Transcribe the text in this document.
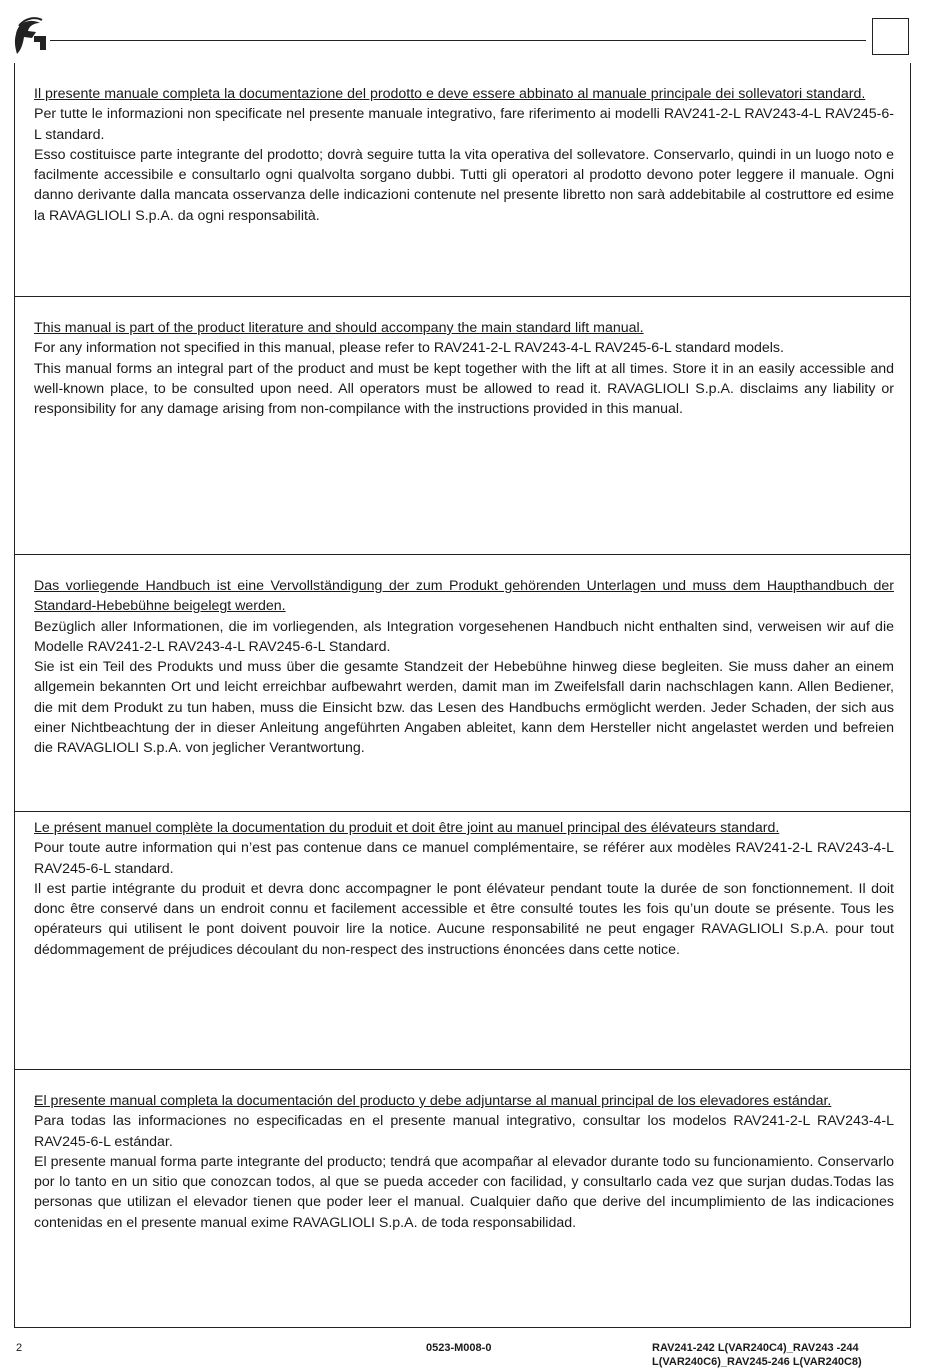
Il presente manuale completa la documentazione del prodotto e deve essere abbinato al manuale principale dei sollevatori standard.

Per tutte le informazioni non specificate nel presente manuale integrativo, fare riferimento ai modelli RAV241-2-L RAV243-4-L RAV245-6-L standard.

Esso costituisce parte integrante del prodotto; dovrà seguire tutta la vita operativa del sollevatore. Conservarlo, quindi in un luogo noto e facilmente accessibile e consultarlo ogni qualvolta sorgano dubbi. Tutti gli operatori al prodotto devono poter leggere il manuale. Ogni danno derivante dalla mancata osservanza delle indicazioni contenute nel presente libretto non sarà addebitabile al costruttore ed esime la RAVAGLIOLI S.p.A. da ogni responsabilità.

This manual is part of the product literature and should accompany the main standard lift manual.

For any information not specified in this manual, please refer to RAV241-2-L RAV243-4-L RAV245-6-L standard models.

This manual forms an integral part of the product and must be kept together with the lift at all times. Store it in an easily accessible and well-known place, to be consulted upon need. All operators must be allowed to read it. RAVAGLIOLI S.p.A. disclaims any liability or responsibility for any damage arising from non-compilance with the instructions provided in this manual.

Das vorliegende Handbuch ist eine Vervollständigung der zum Produkt gehörenden Unterlagen und muss dem Haupthandbuch der Standard-Hebebühne beigelegt werden.

Bezüglich aller Informationen, die im vorliegenden, als Integration vorgesehenen Handbuch nicht enthalten sind, verweisen wir auf die Modelle RAV241-2-L RAV243-4-L RAV245-6-L Standard.

Sie ist ein Teil des Produkts und muss über die gesamte Standzeit der Hebebühne hinweg diese begleiten. Sie muss daher an einem allgemein bekannten Ort und leicht erreichbar aufbewahrt werden, damit man im Zweifelsfall darin nachschlagen kann. Allen Bediener, die mit dem Produkt zu tun haben, muss die Einsicht bzw. das Lesen des Handbuchs ermöglicht werden. Jeder Schaden, der sich aus einer Nichtbeachtung der in dieser Anleitung angeführten Angaben ableitet, kann dem Hersteller nicht angelastet werden und befreien die RAVAGLIOLI S.p.A. von jeglicher Verantwortung.

Le présent manuel complète la documentation du produit et doit être joint au manuel principal des élévateurs standard.

Pour toute autre information qui n’est pas contenue dans ce manuel complémentaire, se référer aux modèles RAV241-2-L RAV243-4-L RAV245-6-L standard.

Il est partie intégrante du produit et devra donc accompagner le pont élévateur pendant toute la durée de son fonctionnement. Il doit donc être conservé dans un endroit connu et facilement accessible et être consulté toutes les fois qu’un doute se présente. Tous les opérateurs qui utilisent le pont doivent pouvoir lire la notice. Aucune responsabilité ne peut engager RAVAGLIOLI S.p.A. pour tout dédommagement de préjudices découlant du non-respect des instructions énoncées dans cette notice.

El presente manual completa la documentación del producto y debe adjuntarse al manual principal de los elevadores estándar.

Para todas las informaciones no especificadas en el presente manual integrativo, consultar los modelos RAV241-2-L RAV243-4-L RAV245-6-L estándar.

El presente manual forma parte integrante del producto; tendrá que acompañar al elevador durante todo su funcionamiento. Conservarlo por lo tanto en un sitio que conozcan todos, al que se pueda acceder con facilidad, y consultarlo cada vez que surjan dudas.Todas las personas que utilizan el elevador tienen que poder leer el manual. Cualquier daño que derive del incumplimiento de las indicaciones contenidas en el presente manual exime RAVAGLIOLI S.p.A. de toda responsabilidad.

2	0523-M008-0	RAV241-242 L(VAR240C4)_RAV243 -244
L(VAR240C6)_RAV245-246 L(VAR240C8)
